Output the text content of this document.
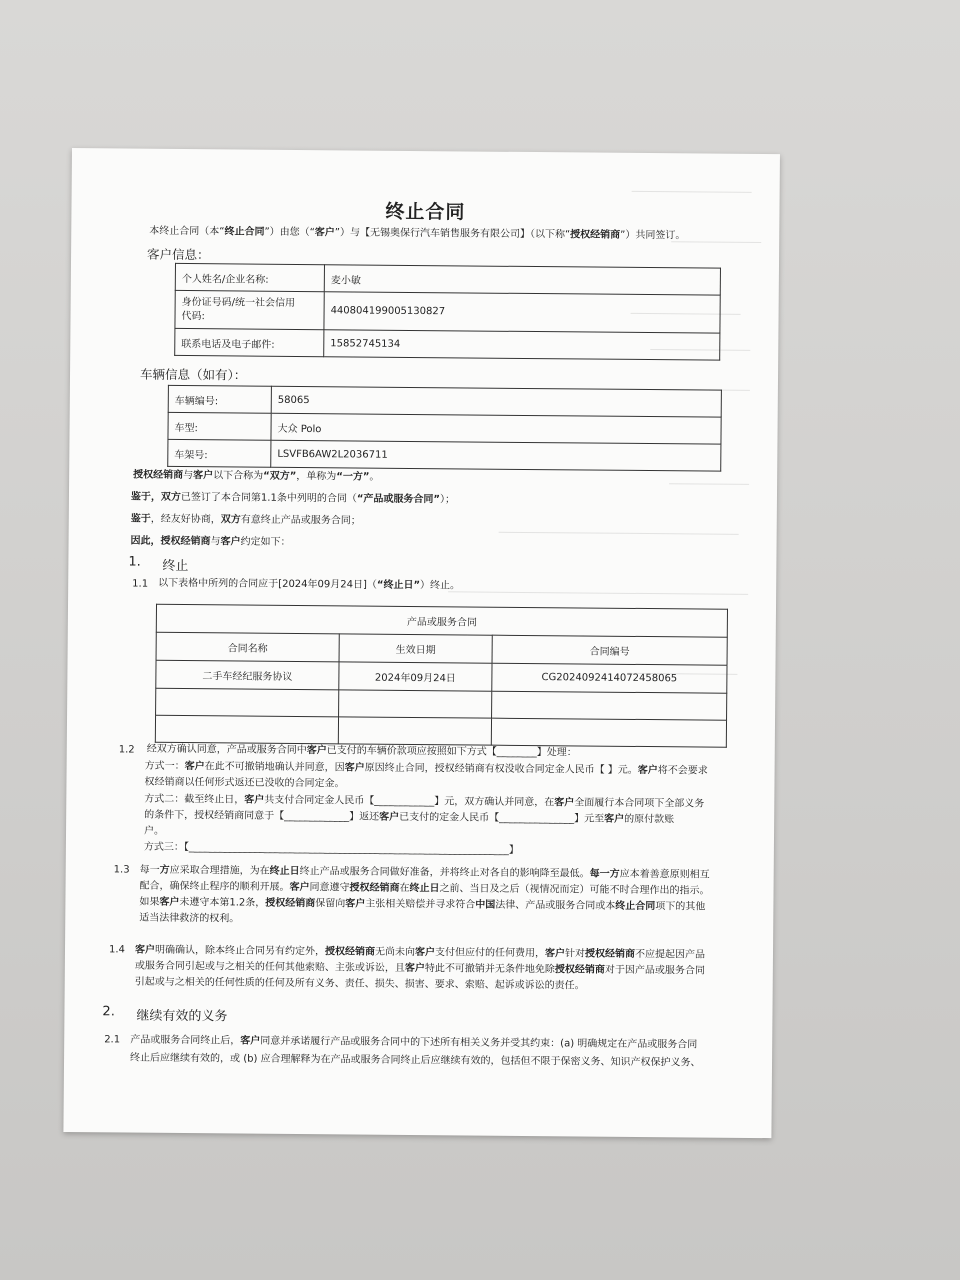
终止合同
本终止合同（本“终止合同”）由您（“客户”）与【无锡奥保行汽车销售服务有限公司】（以下称“授权经销商”）共同签订。
客户信息：
个人姓名/企业名称:	麦小敏
身份证号码/统一社会信用
代码:	440804199005130827
联系电话及电子邮件:	15852745134
车辆信息（如有）：
车辆编号:	58065
车型:	大众 Polo
车架号:	LSVFB6AW2L2036711
授权经销商与客户以下合称为“双方”，单称为“一方”。
鉴于，双方已签订了本合同第1.1条中列明的合同（“产品或服务合同”）；
鉴于，经友好协商，双方有意终止产品或服务合同；
因此，授权经销商与客户约定如下：
1. 终止
1.1 以下表格中所列的合同应于[2024年09月24日]（“终止日”）终止。
产品或服务合同		
合同名称	生效日期	合同编号
二手车经纪服务协议	2024年09月24日	CG2024092414072458065

1.2 经双方确认同意，产品或服务合同中客户已支付的车辆价款项应按照如下方式【________】处理：
方式一：客户在此不可撤销地确认并同意，因客户原因终止合同，授权经销商有权没收合同定金人民币【 】元。客户将不会要求
权经销商以任何形式返还已没收的合同定金。
方式二：截至终止日，客户共支付合同定金人民币【____________】元，双方确认并同意，在客户全面履行本合同项下全部义务
的条件下，授权经销商同意于【_____________】返还客户已支付的定金人民币【_______________】元至客户的原付款账
户。
方式三：【________________________________________________________________】
1.3 每一方应采取合理措施，为在终止日终止产品或服务合同做好准备，并将终止对各自的影响降至最低。每一方应本着善意原则相互
配合，确保终止程序的顺利开展。客户同意遵守授权经销商在终止日之前、当日及之后（视情况而定）可能不时合理作出的指示。
如果客户未遵守本第1.2条，授权经销商保留向客户主张相关赔偿并寻求符合中国法律、产品或服务合同或本终止合同项下的其他
适当法律救济的权利。
1.4 客户明确确认，除本终止合同另有约定外，授权经销商无尚未向客户支付但应付的任何费用，客户针对授权经销商不应提起因产品
或服务合同引起或与之相关的任何其他索赔、主张或诉讼，且客户特此不可撤销并无条件地免除授权经销商对于因产品或服务合同
引起或与之相关的任何性质的任何及所有义务、责任、损失、损害、要求、索赔、起诉或诉讼的责任。
2. 继续有效的义务
2.1 产品或服务合同终止后，客户同意并承诺履行产品或服务合同中的下述所有相关义务并受其约束：(a) 明确规定在产品或服务合同
终止后应继续有效的，或 (b) 应合理解释为在产品或服务合同终止后应继续有效的，包括但不限于保密义务、知识产权保护义务、
